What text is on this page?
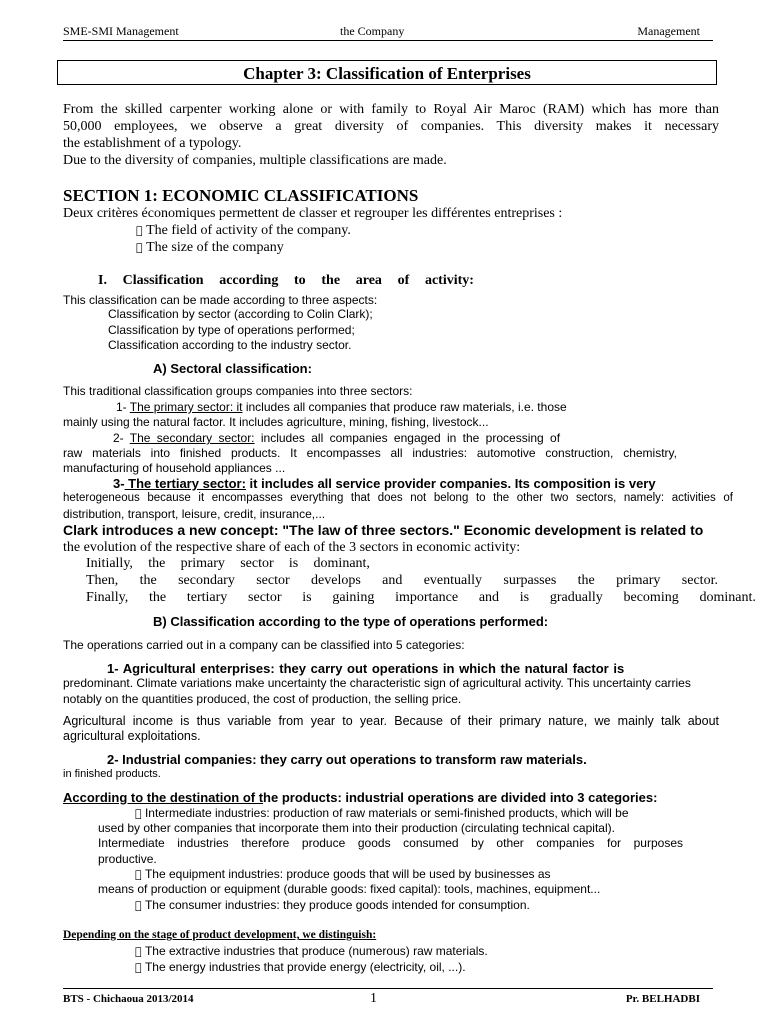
SME-SMI Management	the Company	Management
Chapter 3: Classification of Enterprises
From the skilled carpenter working alone or with family to Royal Air Maroc (RAM) which has more than
50,000 employees, we observe a great diversity of companies. This diversity makes it necessary
the establishment of a typology.
Due to the diversity of companies, multiple classifications are made.
SECTION 1: ECONOMIC CLASSIFICATIONS
Deux critères économiques permettent de classer et regrouper les différentes entreprises :
The field of activity of the company.
The size of the company
I. Classification according to the area of activity:
This classification can be made according to three aspects:
Classification by sector (according to Colin Clark);
Classification by type of operations performed;
Classification according to the industry sector.
A) Sectoral classification:
This traditional classification groups companies into three sectors:
1- The primary sector: it includes all companies that produce raw materials, i.e. those
mainly using the natural factor. It includes agriculture, mining, fishing, livestock...
2- The secondary sector: includes all companies engaged in the processing of
raw materials into finished products. It encompasses all industries: automotive construction, chemistry,
manufacturing of household appliances ...
3- The tertiary sector: it includes all service provider companies. Its composition is very
heterogeneous because it encompasses everything that does not belong to the other two sectors, namely: activities of
distribution, transport, leisure, credit, insurance,...
Clark introduces a new concept: "The law of three sectors." Economic development is related to
the evolution of the respective share of each of the 3 sectors in economic activity:
Initially, the primary sector is dominant,
Then, the secondary sector develops and eventually surpasses the primary sector.
Finally, the tertiary sector is gaining importance and is gradually becoming dominant.
B) Classification according to the type of operations performed:
The operations carried out in a company can be classified into 5 categories:
1- Agricultural enterprises: they carry out operations in which the natural factor is
predominant. Climate variations make uncertainty the characteristic sign of agricultural activity. This uncertainty carries
notably on the quantities produced, the cost of production, the selling price.
Agricultural income is thus variable from year to year. Because of their primary nature, we mainly talk about
agricultural exploitations.
2- Industrial companies: they carry out operations to transform raw materials.
in finished products.
According to the destination of the products: industrial operations are divided into 3 categories:
Intermediate industries: production of raw materials or semi-finished products, which will be
used by other companies that incorporate them into their production (circulating technical capital).
Intermediate industries therefore produce goods consumed by other companies for purposes
productive.
The equipment industries: produce goods that will be used by businesses as
means of production or equipment (durable goods: fixed capital): tools, machines, equipment...
The consumer industries: they produce goods intended for consumption.
Depending on the stage of product development, we distinguish:
The extractive industries that produce (numerous) raw materials.
The energy industries that provide energy (electricity, oil, ...).
BTS - Chichaoua 2013/2014	1	Pr. BELHADBI
